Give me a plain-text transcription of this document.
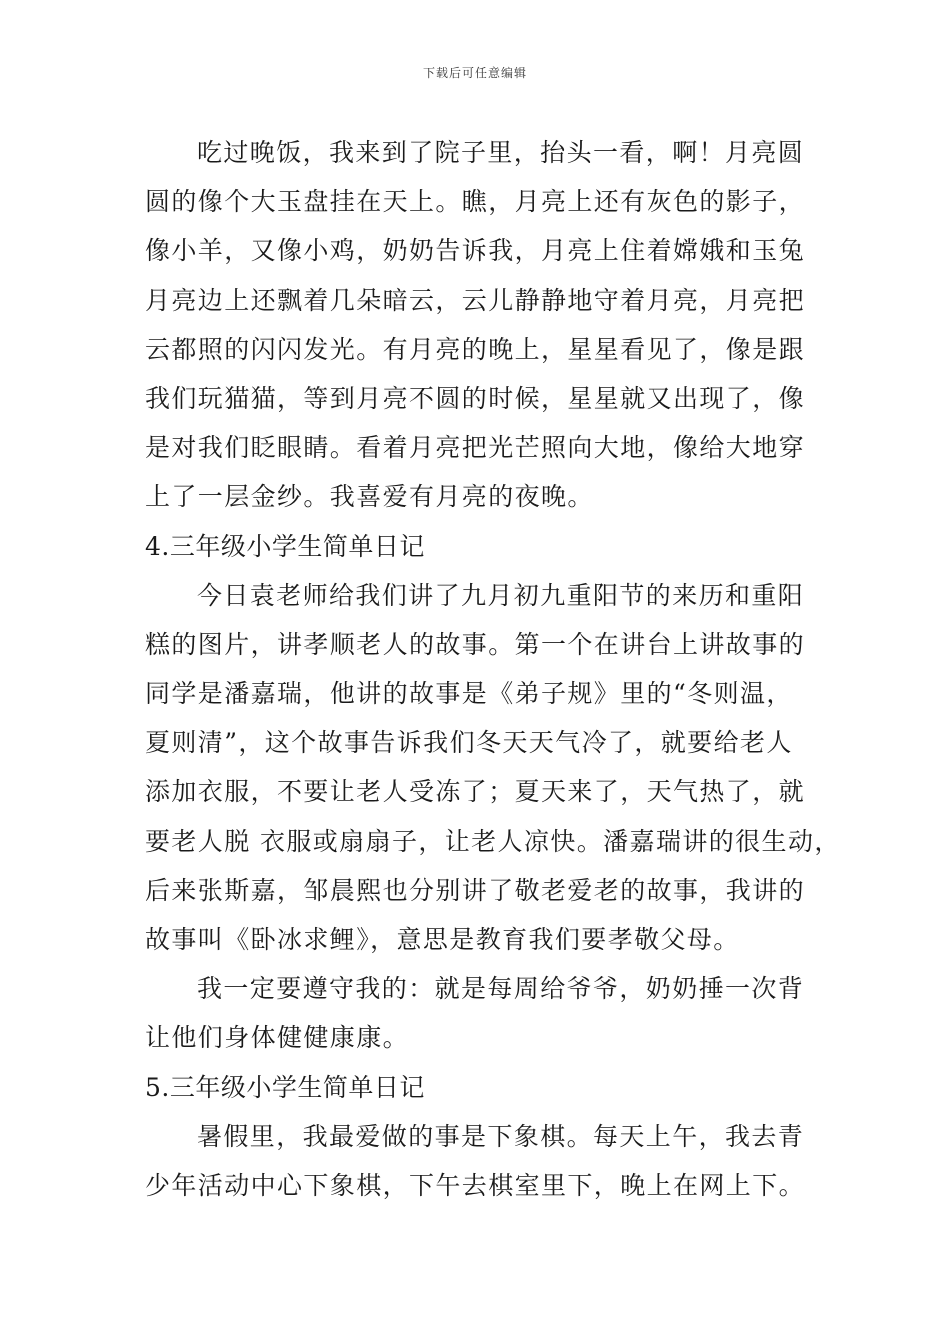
下载后可任意编辑
吃过晚饭，我来到了院子里，抬头一看，啊！月亮圆
圆的像个大玉盘挂在天上。瞧，月亮上还有灰色的影子，
像小羊，又像小鸡，奶奶告诉我，月亮上住着嫦娥和玉兔
月亮边上还飘着几朵暗云，云儿静静地守着月亮，月亮把
云都照的闪闪发光。有月亮的晚上，星星看见了，像是跟
我们玩猫猫，等到月亮不圆的时候，星星就又出现了，像
是对我们眨眼睛。看着月亮把光芒照向大地，像给大地穿
上了一层金纱。我喜爱有月亮的夜晚。
4.三年级小学生简单日记
今日袁老师给我们讲了九月初九重阳节的来历和重阳
糕的图片，讲孝顺老人的故事。第一个在讲台上讲故事的
同学是潘嘉瑞，他讲的故事是《弟子规》里的“冬则温，
夏则清”，这个故事告诉我们冬天天气冷了，就要给老人
添加衣服，不要让老人受冻了；夏天来了，天气热了，就
要老人脱 衣服或扇扇子，让老人凉快。潘嘉瑞讲的很生动，
后来张斯嘉，邹晨熙也分别讲了敬老爱老的故事，我讲的
故事叫《卧冰求鲤》，意思是教育我们要孝敬父母。
我一定要遵守我的：就是每周给爷爷，奶奶捶一次背
让他们身体健健康康。
5.三年级小学生简单日记
暑假里，我最爱做的事是下象棋。每天上午，我去青
少年活动中心下象棋，下午去棋室里下，晚上在网上下。
